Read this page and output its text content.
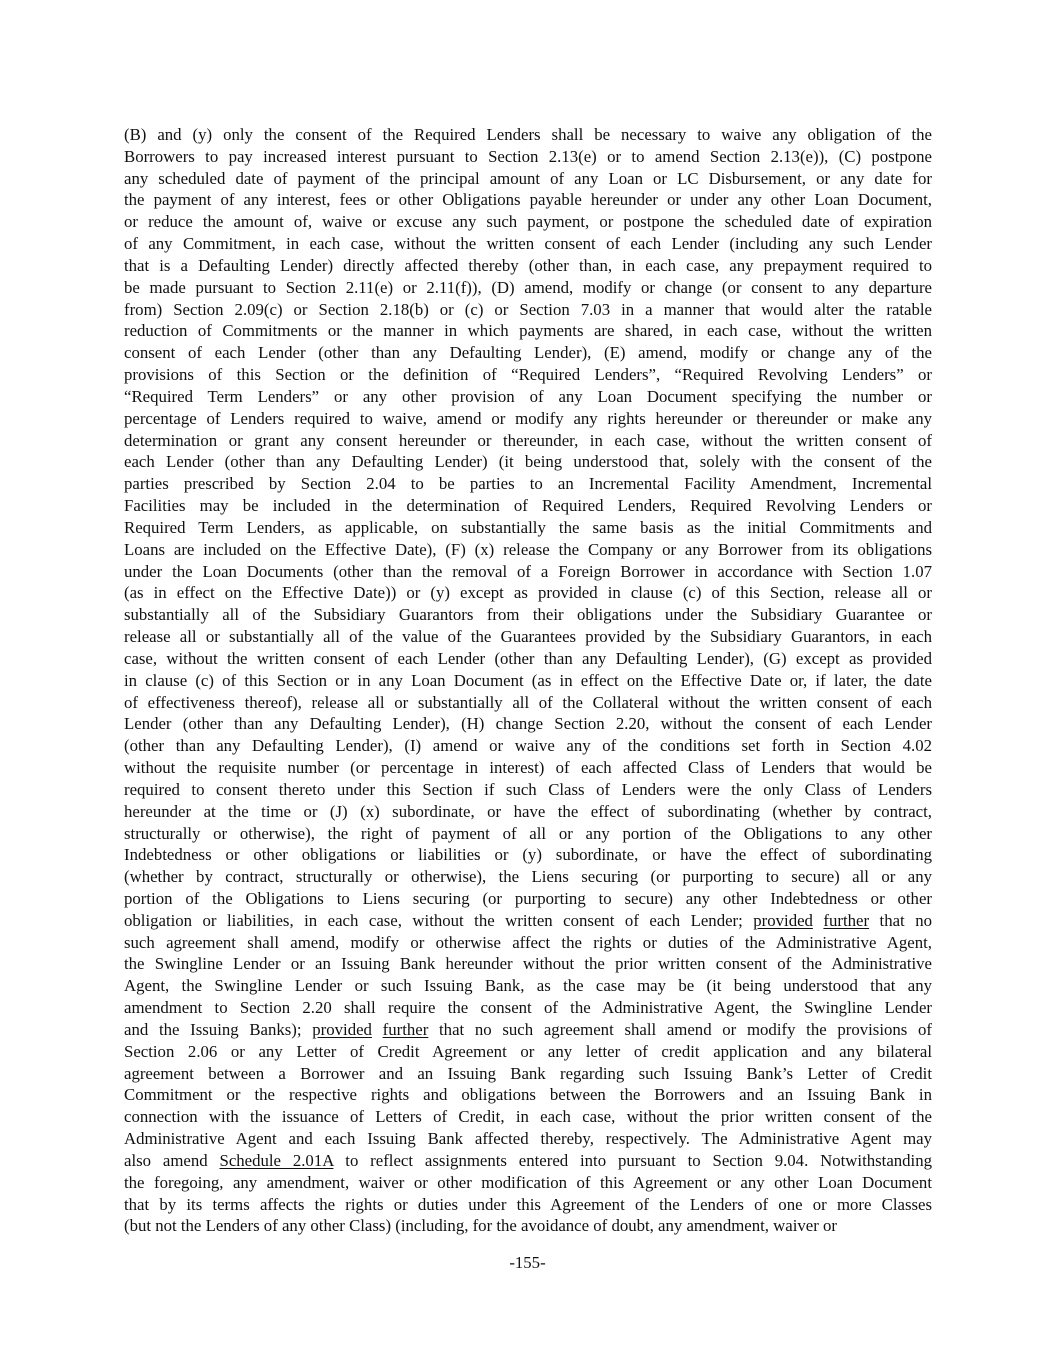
(B) and (y) only the consent of the Required Lenders shall be necessary to waive any obligation of the
Borrowers to pay increased interest pursuant to Section 2.13(e) or to amend Section 2.13(e)), (C) postpone
any scheduled date of payment of the principal amount of any Loan or LC Disbursement, or any date for
the payment of any interest, fees or other Obligations payable hereunder or under any other Loan Document,
or reduce the amount of, waive or excuse any such payment, or postpone the scheduled date of expiration
of any Commitment, in each case, without the written consent of each Lender (including any such Lender
that is a Defaulting Lender) directly affected thereby (other than, in each case, any prepayment required to
be made pursuant to Section 2.11(e) or 2.11(f)), (D) amend, modify or change (or consent to any departure
from) Section 2.09(c) or Section 2.18(b) or (c) or Section 7.03 in a manner that would alter the ratable
reduction of Commitments or the manner in which payments are shared, in each case, without the written
consent of each Lender (other than any Defaulting Lender), (E) amend, modify or change any of the
provisions of this Section or the definition of “Required Lenders”, “Required Revolving Lenders” or
“Required Term Lenders” or any other provision of any Loan Document specifying the number or
percentage of Lenders required to waive, amend or modify any rights hereunder or thereunder or make any
determination or grant any consent hereunder or thereunder, in each case, without the written consent of
each Lender (other than any Defaulting Lender) (it being understood that, solely with the consent of the
parties prescribed by Section 2.04 to be parties to an Incremental Facility Amendment, Incremental
Facilities may be included in the determination of Required Lenders, Required Revolving Lenders or
Required Term Lenders, as applicable, on substantially the same basis as the initial Commitments and
Loans are included on the Effective Date), (F) (x) release the Company or any Borrower from its obligations
under the Loan Documents (other than the removal of a Foreign Borrower in accordance with Section 1.07
(as in effect on the Effective Date)) or (y) except as provided in clause (c) of this Section, release all or
substantially all of the Subsidiary Guarantors from their obligations under the Subsidiary Guarantee or
release all or substantially all of the value of the Guarantees provided by the Subsidiary Guarantors, in each
case, without the written consent of each Lender (other than any Defaulting Lender), (G) except as provided
in clause (c) of this Section or in any Loan Document (as in effect on the Effective Date or, if later, the date
of effectiveness thereof), release all or substantially all of the Collateral without the written consent of each
Lender (other than any Defaulting Lender), (H) change Section 2.20, without the consent of each Lender
(other than any Defaulting Lender), (I) amend or waive any of the conditions set forth in Section 4.02
without the requisite number (or percentage in interest) of each affected Class of Lenders that would be
required to consent thereto under this Section if such Class of Lenders were the only Class of Lenders
hereunder at the time or (J) (x) subordinate, or have the effect of subordinating (whether by contract,
structurally or otherwise), the right of payment of all or any portion of the Obligations to any other
Indebtedness or other obligations or liabilities or (y) subordinate, or have the effect of subordinating
(whether by contract, structurally or otherwise), the Liens securing (or purporting to secure) all or any
portion of the Obligations to Liens securing (or purporting to secure) any other Indebtedness or other
obligation or liabilities, in each case, without the written consent of each Lender; provided further that no
such agreement shall amend, modify or otherwise affect the rights or duties of the Administrative Agent,
the Swingline Lender or an Issuing Bank hereunder without the prior written consent of the Administrative
Agent, the Swingline Lender or such Issuing Bank, as the case may be (it being understood that any
amendment to Section 2.20 shall require the consent of the Administrative Agent, the Swingline Lender
and the Issuing Banks); provided further that no such agreement shall amend or modify the provisions of
Section 2.06 or any Letter of Credit Agreement or any letter of credit application and any bilateral
agreement between a Borrower and an Issuing Bank regarding such Issuing Bank’s Letter of Credit
Commitment or the respective rights and obligations between the Borrowers and an Issuing Bank in
connection with the issuance of Letters of Credit, in each case, without the prior written consent of the
Administrative Agent and each Issuing Bank affected thereby, respectively. The Administrative Agent may
also amend Schedule 2.01A to reflect assignments entered into pursuant to Section 9.04. Notwithstanding
the foregoing, any amendment, waiver or other modification of this Agreement or any other Loan Document
that by its terms affects the rights or duties under this Agreement of the Lenders of one or more Classes
(but not the Lenders of any other Class) (including, for the avoidance of doubt, any amendment, waiver or
-155-
